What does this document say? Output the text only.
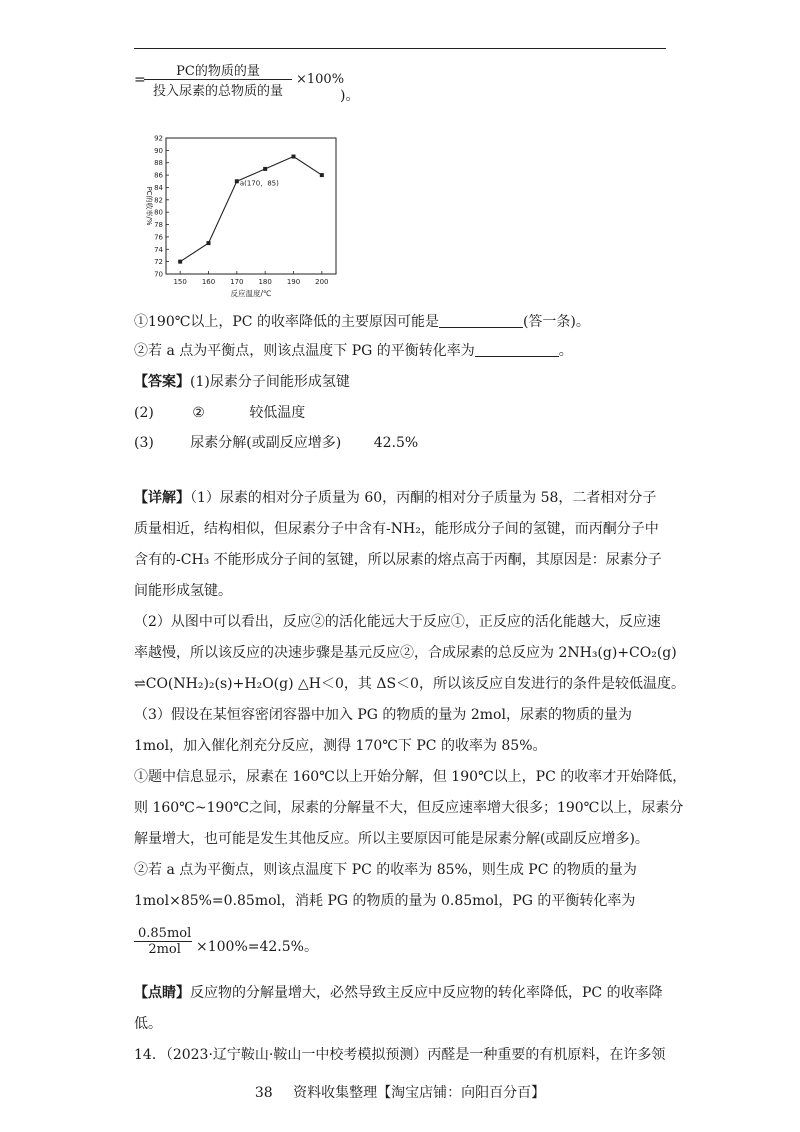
=
PC的物质的量
投入尿素的总物质的量
×100%
)。
70
72
74
76
78
80
82
84
86
88
90
92
150 160 170 180 190 200
a(170，85)
反应温度/℃
PC的收率/%
①190℃以上，PC 的收率降低的主要原因可能是	(答一条)。
②若 a 点为平衡点，则该点温度下 PG 的平衡转化率为	。
【答案】(1)尿素分子间能形成氢键
(2)	②	较低温度
(3)	尿素分解(或副反应增多) 42.5%
【详解】（1）尿素的相对分子质量为 60，丙酮的相对分子质量为 58，二者相对分子
质量相近，结构相似，但尿素分子中含有-NH₂，能形成分子间的氢键，而丙酮分子中
含有的-CH₃ 不能形成分子间的氢键，所以尿素的熔点高于丙酮，其原因是：尿素分子
间能形成氢键。
（2）从图中可以看出，反应②的活化能远大于反应①，正反应的活化能越大，反应速
率越慢，所以该反应的决速步骤是基元反应②，合成尿素的总反应为 2NH₃(g)+CO₂(g)
⇌CO(NH₂)₂(s)+H₂O(g) △H＜0，其 ΔS＜0，所以该反应自发进行的条件是较低温度。
（3）假设在某恒容密闭容器中加入 PG 的物质的量为 2mol，尿素的物质的量为
1mol，加入催化剂充分反应，测得 170℃下 PC 的收率为 85%。
①题中信息显示，尿素在 160℃以上开始分解，但 190℃以上，PC 的收率才开始降低，
则 160℃~190℃之间，尿素的分解量不大，但反应速率增大很多；190℃以上，尿素分
解量增大，也可能是发生其他反应。所以主要原因可能是尿素分解(或副反应增多)。
②若 a 点为平衡点，则该点温度下 PC 的收率为 85%，则生成 PC 的物质的量为
1mol×85%=0.85mol，消耗 PG 的物质的量为 0.85mol，PG 的平衡转化率为
0.85mol
2mol	×100%=42.5%。
【点睛】反应物的分解量增大，必然导致主反应中反应物的转化率降低，PC 的收率降
低。
14．（2023·辽宁鞍山·鞍山一中校考模拟预测）丙醛是一种重要的有机原料，在许多领
38 资料收集整理【淘宝店铺：向阳百分百】
